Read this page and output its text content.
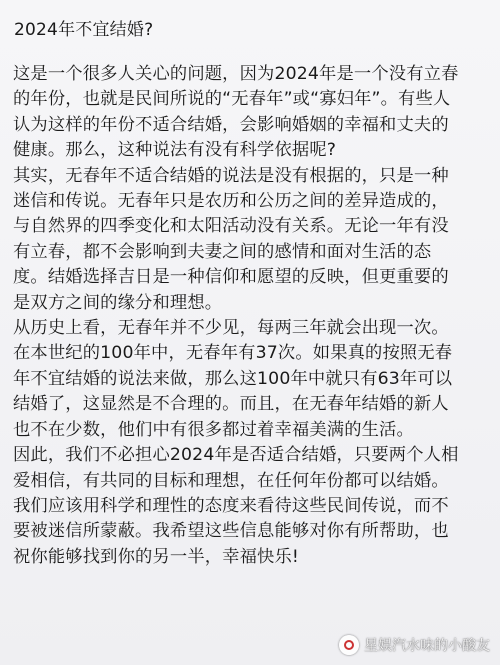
2024年不宜结婚?
这是一个很多人关心的问题，因为2024年是一个没有立春
的年份，也就是民间所说的“无春年”或“寡妇年”。有些人
认为这样的年份不适合结婚，会影响婚姻的幸福和丈夫的
健康。那么，这种说法有没有科学依据呢?
其实，无春年不适合结婚的说法是没有根据的，只是一种
迷信和传说。无春年只是农历和公历之间的差异造成的，
与自然界的四季变化和太阳活动没有关系。无论一年有没
有立春，都不会影响到夫妻之间的感情和面对生活的态
度。结婚选择吉日是一种信仰和愿望的反映，但更重要的
是双方之间的缘分和理想。
从历史上看，无春年并不少见，每两三年就会出现一次。
在本世纪的100年中，无春年有37次。如果真的按照无春
年不宜结婚的说法来做，那么这100年中就只有63年可以
结婚了，这显然是不合理的。而且，在无春年结婚的新人
也不在少数，他们中有很多都过着幸福美满的生活。
因此，我们不必担心2024年是否适合结婚，只要两个人相
爱相信，有共同的目标和理想，在任何年份都可以结婚。
我们应该用科学和理性的态度来看待这些民间传说，而不
要被迷信所蒙蔽。我希望这些信息能够对你有所帮助，也
祝你能够找到你的另一半，幸福快乐!
星娱汽水味的小酸友
